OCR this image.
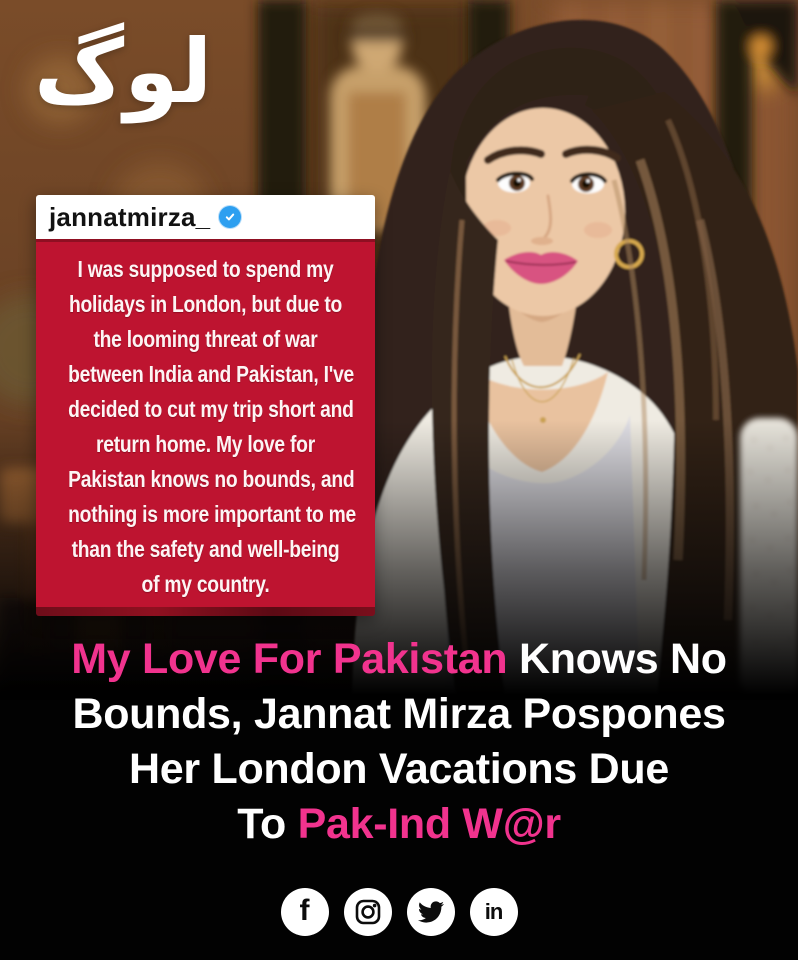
لوگ
jannatmirza_
I was supposed to spend my
holidays in London, but due to
the looming threat of war
between India and Pakistan, I've
decided to cut my trip short and
return home. My love for
Pakistan knows no bounds, and
nothing is more important to me
than the safety and well-being
of my country.
My Love For Pakistan Knows No
Bounds, Jannat Mirza Pospones
Her London Vacations Due
To Pak-Ind W@r
f	in
